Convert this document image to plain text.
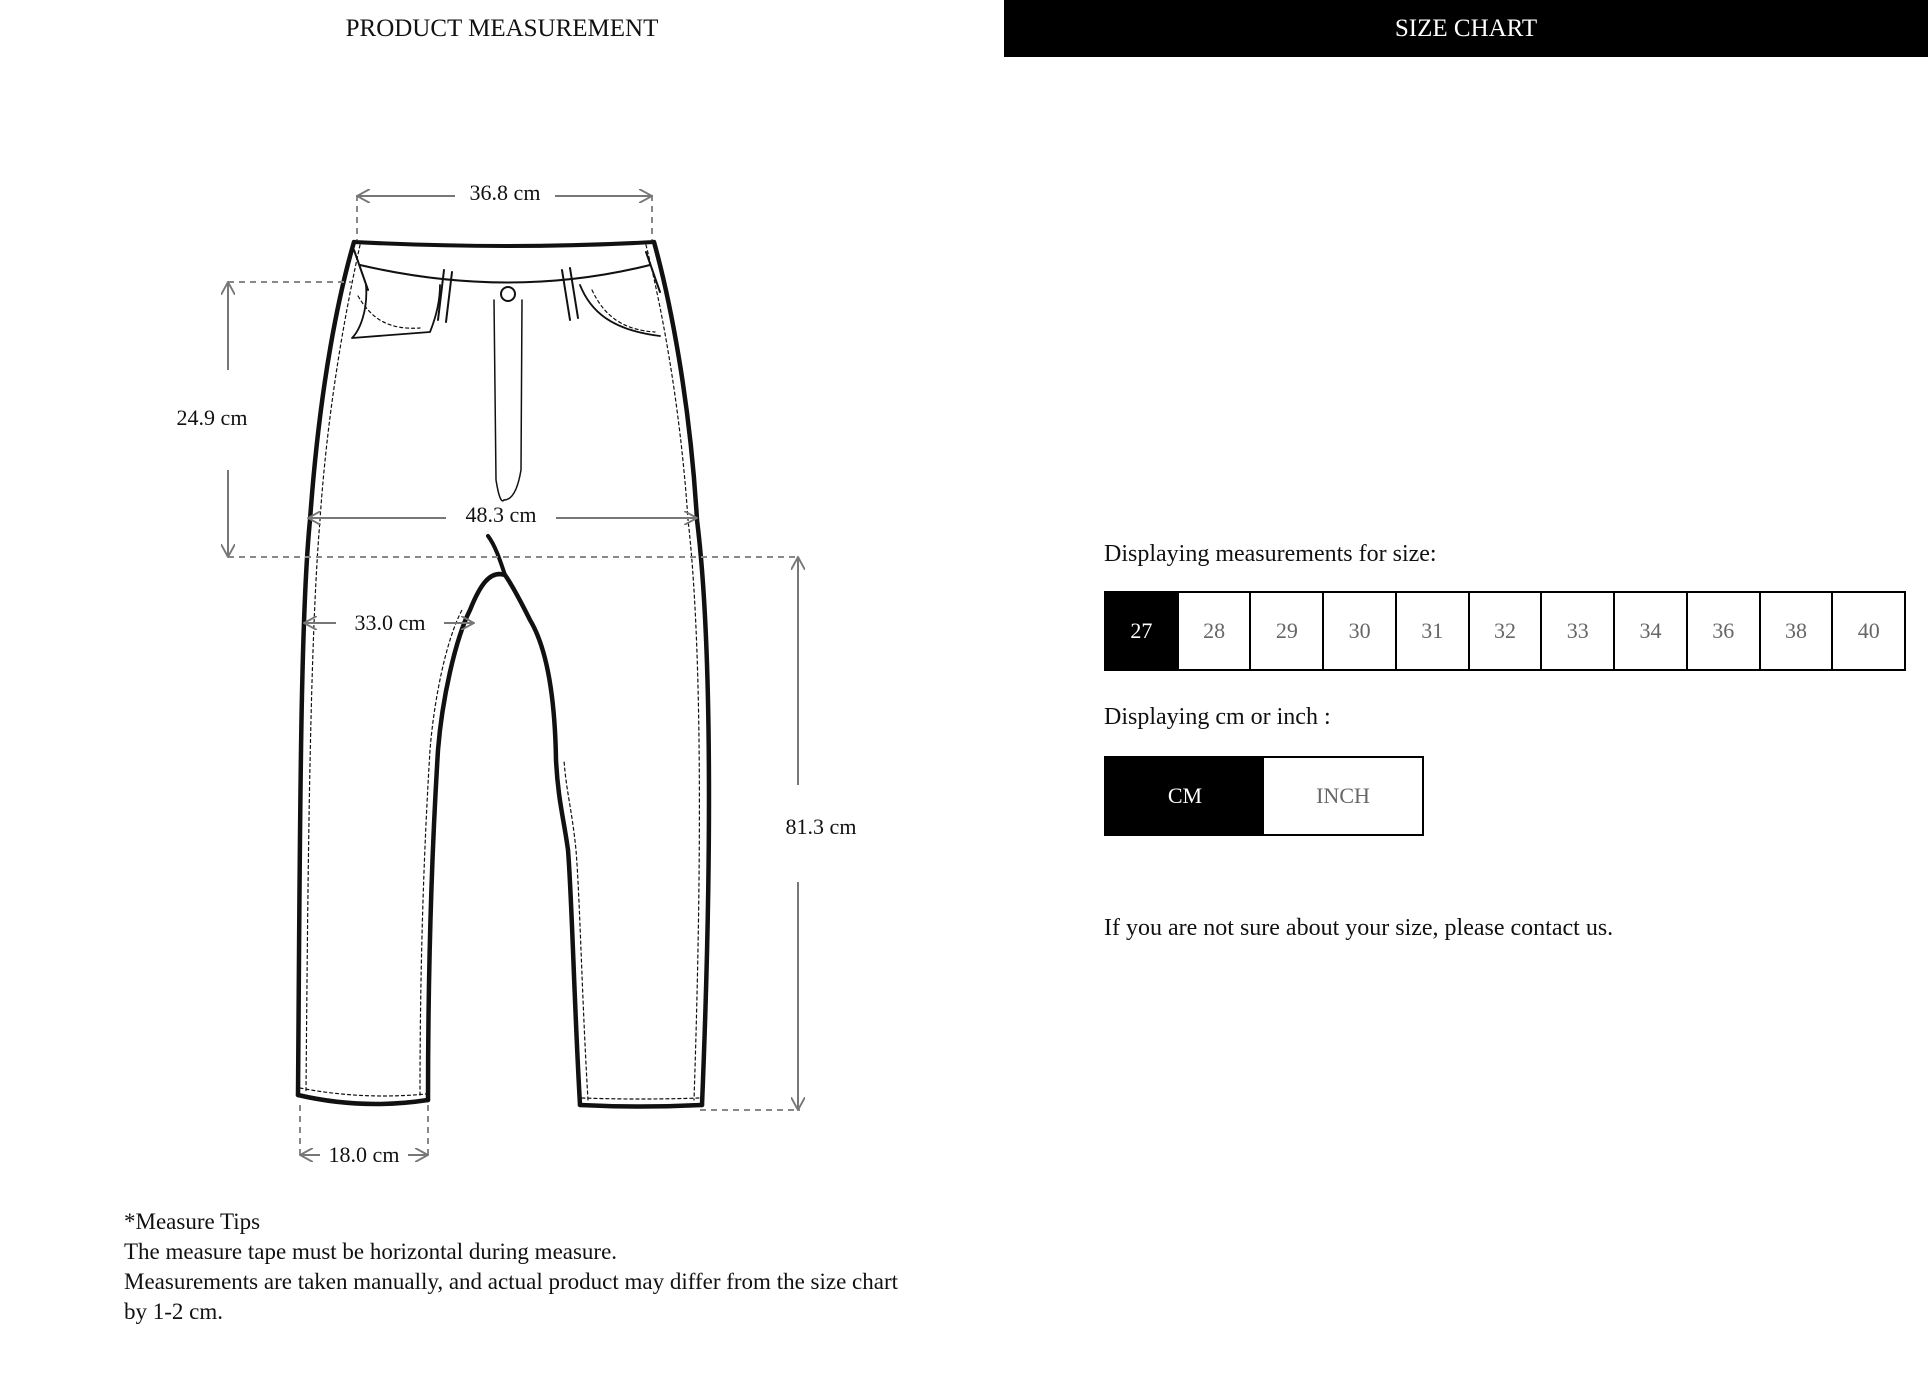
PRODUCT MEASUREMENT	SIZE CHART
36.8 cm
24.9 cm
48.3 cm
33.0 cm
81.3 cm
18.0 cm
*Measure Tips
The measure tape must be horizontal during measure.
Measurements are taken manually, and actual product may differ from the size chart by 1-2 cm.
Displaying measurements for size:
27	28	29	30	31	32	33	34	36	38	40
Displaying cm or inch :
CM	INCH
If you are not sure about your size, please contact us.
